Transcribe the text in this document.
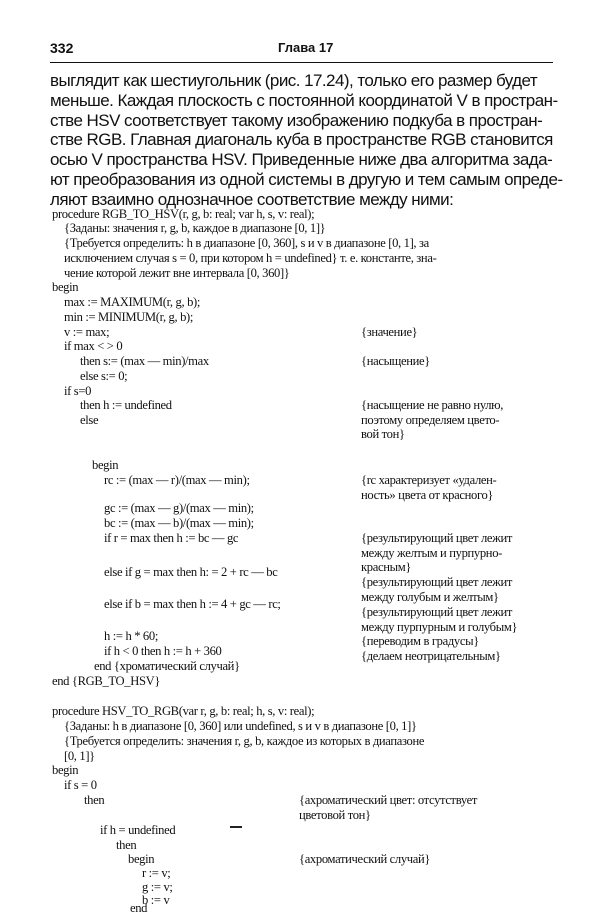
332	Глава 17
выглядит как шестиугольник (рис. 17.24), только его размер будет
меньше. Каждая плоскость с постоянной координатой V в простран-
стве HSV соответствует такому изображению подкуба в простран-
стве RGB. Главная диагональ куба в пространстве RGB становится
осью V пространства HSV. Приведенные ниже два алгоритма зада-
ют преобразования из одной системы в другую и тем самым опреде-
ляют взаимно однозначное соответствие между ними:
procedure RGB_TO_HSV(r, g, b: real; var h, s, v: real);
{Заданы: значения r, g, b, каждое в диапазоне [0, 1]}
{Требуется определить: h в диапазоне [0, 360], s и v в диапазоне [0, 1], за
исключением случая s = 0, при котором h = undefined} т. е. константе, зна-
чение которой лежит вне интервала [0, 360]}
begin
max := MAXIMUM(r, g, b);
min := MINIMUM(r, g, b);
v := max;
if max < > 0
then s:= (max — min)/max
else s:= 0;
if s=0
then h := undefined
else
begin
rc := (max — r)/(max — min);
gc := (max — g)/(max — min);
bc := (max — b)/(max — min);
if r = max then h := bc — gc
else if g = max then h: = 2 + rc — bc
else if b = max then h := 4 + gc — rc;
h := h * 60;
if h < 0 then h := h + 360
end {хроматический случай}
end {RGB_TO_HSV}
{значение}
{насыщение}
{насыщение не равно нулю,
поэтому определяем цвето-
вой тон}
{rc характеризует «удален-
ность» цвета от красного}
{результирующий цвет лежит
между желтым и пурпурно-
красным}
{результирующий цвет лежит
между голубым и желтым}
{результирующий цвет лежит
между пурпурным и голубым}
{переводим в градусы}
{делаем неотрицательным}
procedure HSV_TO_RGB(var r, g, b: real; h, s, v: real);
{Заданы: h в диапазоне [0, 360] или undefined, s и v в диапазоне [0, 1]}
{Требуется определить: значения r, g, b, каждое из которых в диапазоне
[0, 1]}
begin
if s = 0
then
if h = undefined
then
begin
r := v;
g := v;
b := v
end
{ахроматический цвет: отсутствует
цветовой тон}
{ахроматический случай}
